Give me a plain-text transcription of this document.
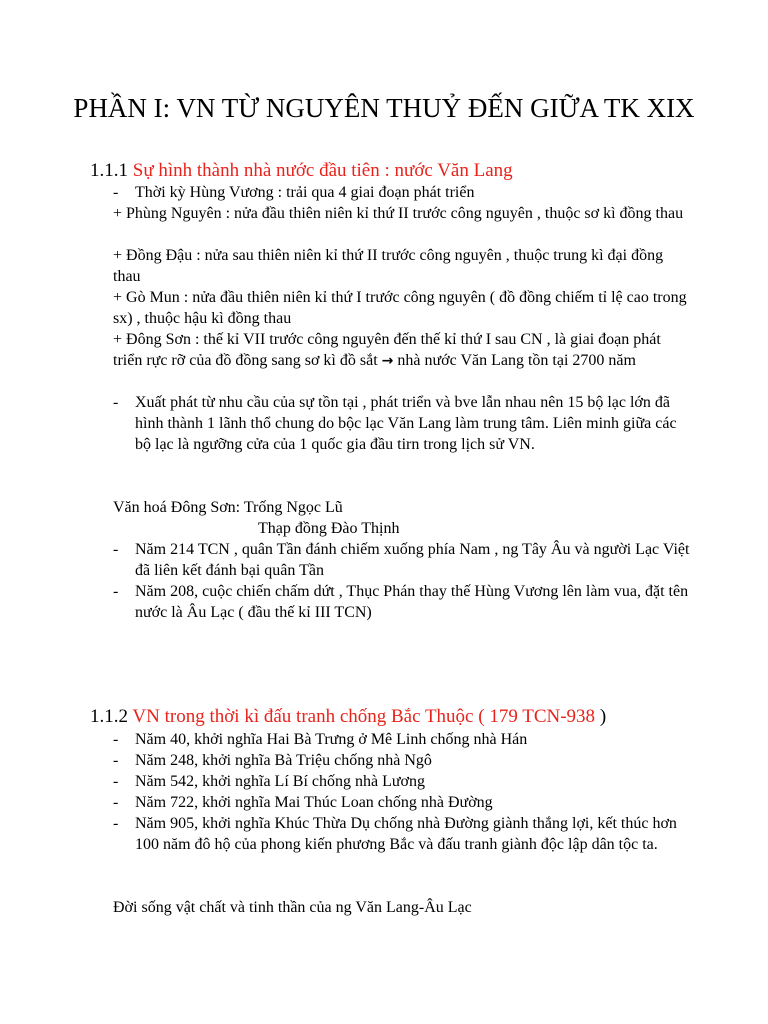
PHẦN I: VN TỪ NGUYÊN THUỶ ĐẾN GIỮA TK XIX
1.1.1 Sự hình thành nhà nước đầu tiên : nước Văn Lang
- Thời kỳ Hùng Vương : trải qua 4 giai đoạn phát triển
+ Phùng Nguyên : nửa đầu thiên niên kỉ thứ II trước công nguyên , thuộc sơ kì đồng thau
+ Đồng Đậu : nửa sau thiên niên kỉ thứ II trước công nguyên , thuộc trung kì đại đồng thau
+ Gò Mun : nửa đầu thiên niên kỉ thứ I trước công nguyên ( đồ đồng chiếm tỉ lệ cao trong sx) , thuộc hậu kì đồng thau
+ Đông Sơn : thế kỉ VII trước công nguyên đến thế kỉ thứ I sau CN , là giai đoạn phát triển rực rỡ của đồ đồng sang sơ kì đồ sắt → nhà nước Văn Lang tồn tại 2700 năm
- Xuất phát từ nhu cầu của sự tồn tại , phát triển và bve lẫn nhau nên 15 bộ lạc lớn đã hình thành 1 lãnh thổ chung do bộc lạc Văn Lang làm trung tâm. Liên minh giữa các bộ lạc là ngưỡng cửa của 1 quốc gia đầu tirn trong lịch sử VN.
Văn hoá Đông Sơn: Trống Ngọc Lũ
Thạp đồng Đào Thịnh
- Năm 214 TCN , quân Tần đánh chiếm xuống phía Nam , ng Tây Âu và người Lạc Việt đã liên kết đánh bại quân Tần
- Năm 208, cuộc chiến chấm dứt , Thục Phán thay thế Hùng Vương lên làm vua, đặt tên nước là Âu Lạc ( đầu thế kỉ III TCN)
1.1.2 VN trong thời kì đấu tranh chống Bắc Thuộc ( 179 TCN-938 )
- Năm 40, khởi nghĩa Hai Bà Trưng ở Mê Linh chống nhà Hán
- Năm 248, khởi nghĩa Bà Triệu chống nhà Ngô
- Năm 542, khởi nghĩa Lí Bí chống nhà Lương
- Năm 722, khởi nghĩa Mai Thúc Loan chống nhà Đường
- Năm 905, khởi nghĩa Khúc Thừa Dụ chống nhà Đường giành thắng lợi, kết thúc hơn 100 năm đô hộ của phong kiến phương Bắc và đấu tranh giành độc lập dân tộc ta.
Đời sống vật chất và tinh thần của ng Văn Lang-Âu Lạc
